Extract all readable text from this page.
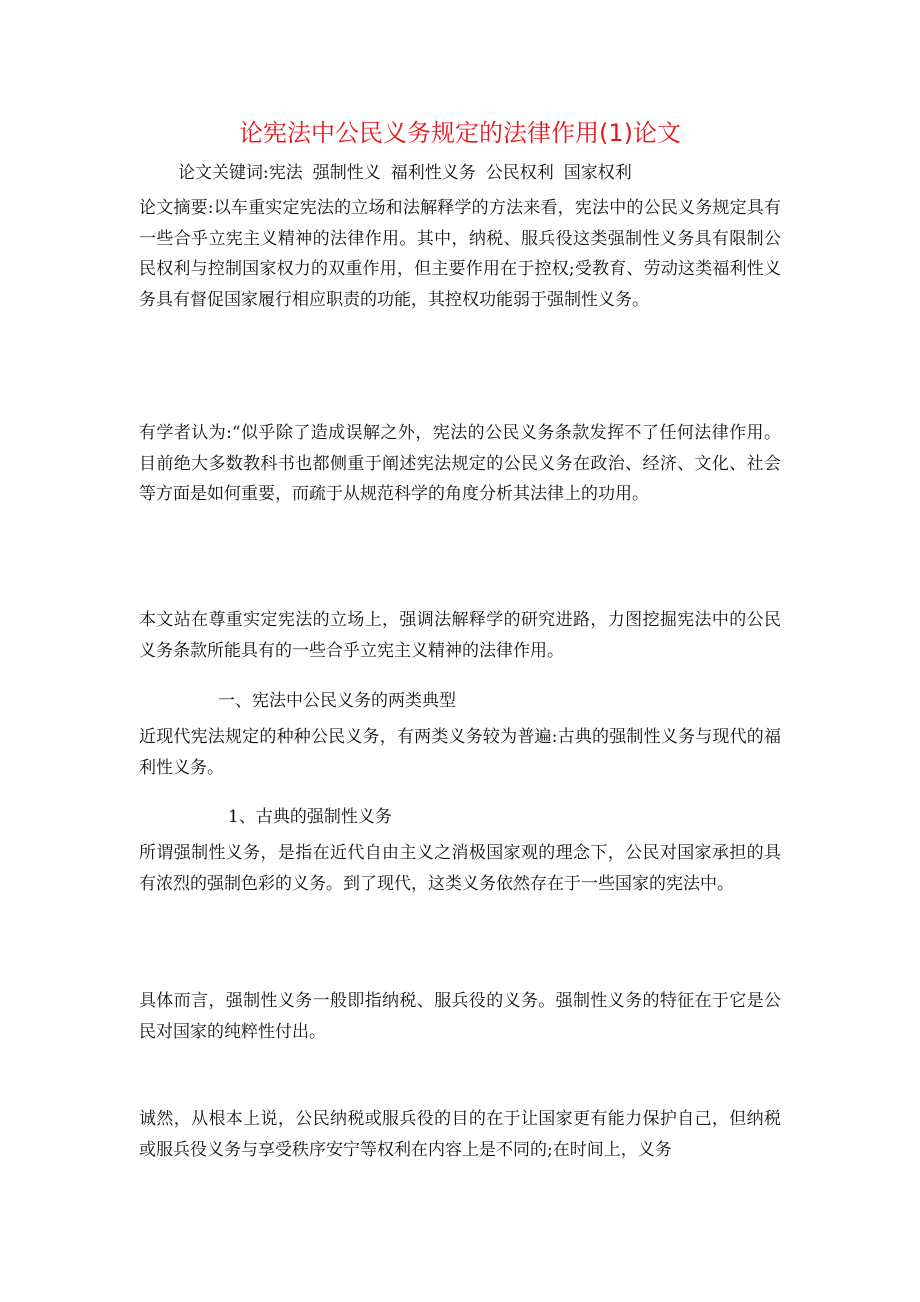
论宪法中公民义务规定的法律作用(1)论文
论文关键词:宪法 强制性义 福利性义务 公民权利 国家权利

论文摘要:以车重实定宪法的立场和法解释学的方法来看，宪法中的公民义务规定具有一些合乎立宪主义精神的法律作用。其中，纳税、服兵役这类强制性义务具有限制公民权利与控制国家权力的双重作用，但主要作用在于控权;受教育、劳动这类福利性义务具有督促国家履行相应职责的功能，其控权功能弱于强制性义务。

有学者认为:“似乎除了造成误解之外，宪法的公民义务条款发挥不了任何法律作用。目前绝大多数教科书也都侧重于阐述宪法规定的公民义务在政治、经济、文化、社会等方面是如何重要，而疏于从规范科学的角度分析其法律上的功用。

本文站在尊重实定宪法的立场上，强调法解释学的研究进路，力图挖掘宪法中的公民义务条款所能具有的一些合乎立宪主义精神的法律作用。

一、宪法中公民义务的两类典型

近现代宪法规定的种种公民义务，有两类义务较为普遍:古典的强制性义务与现代的福利性义务。

1、古典的强制性义务

所谓强制性义务，是指在近代自由主义之消极国家观的理念下，公民对国家承担的具有浓烈的强制色彩的义务。到了现代，这类义务依然存在于一些国家的宪法中。

具体而言，强制性义务一般即指纳税、服兵役的义务。强制性义务的特征在于它是公民对国家的纯粹性付出。

诚然，从根本上说，公民纳税或服兵役的目的在于让国家更有能力保护自己，但纳税或服兵役义务与享受秩序安宁等权利在内容上是不同的;在时间上，义务
